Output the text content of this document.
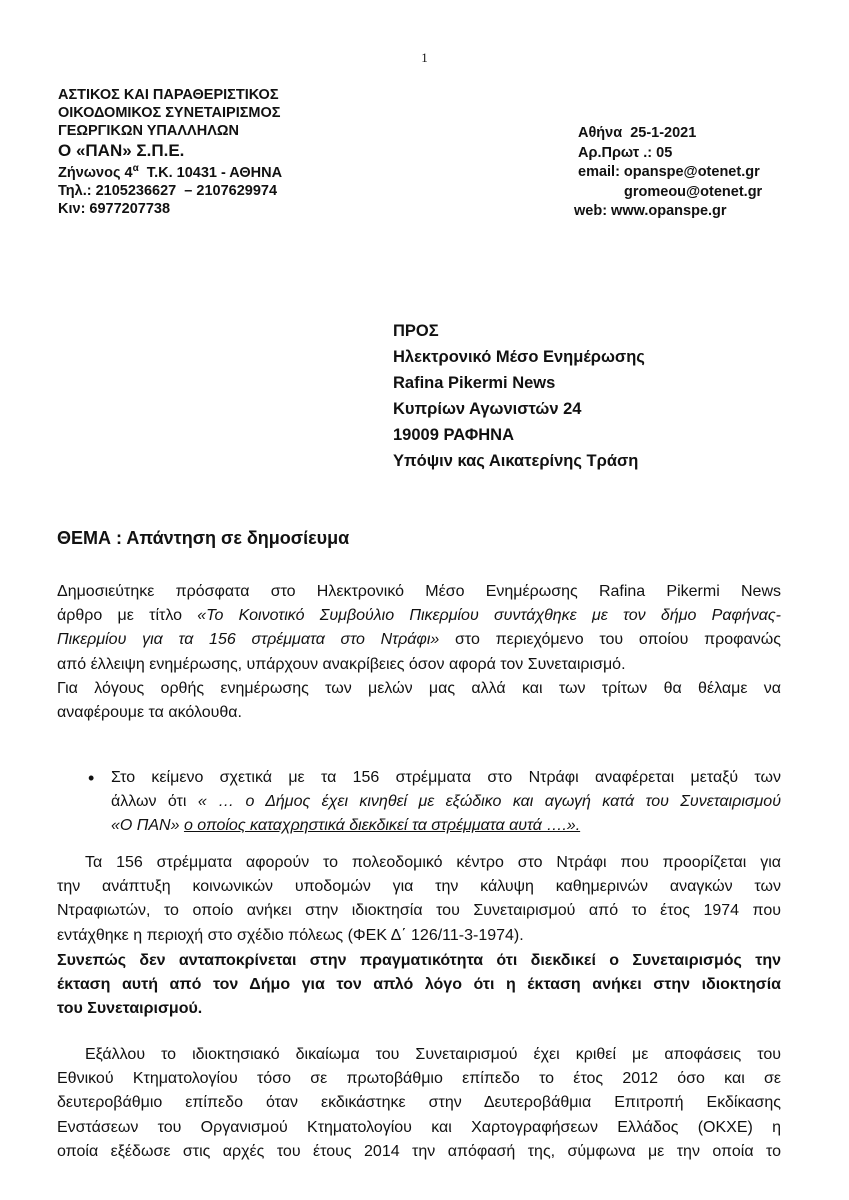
1
ΑΣΤΙΚΟΣ ΚΑΙ ΠΑΡΑΘΕΡΙΣΤΙΚΟΣ
ΟΙΚΟΔΟΜΙΚΟΣ ΣΥΝΕΤΑΙΡΙΣΜΟΣ
ΓΕΩΡΓΙΚΩΝ ΥΠΑΛΛΗΛΩΝ
Ο «ΠΑΝ» Σ.Π.Ε.
Ζήνωνος $4^\alpha$  Τ.Κ. 10431 - ΑΘΗΝΑ
Τηλ.: 2105236627  – 2107629974
Κιν: 6977207738
Αθήνα  25-1-2021
Αρ.Πρωτ .: 05
email: opanspe@otenet.gr
gromeou@otenet.gr
web: www.opanspe.gr
ΠΡΟΣ
Ηλεκτρονικό Μέσο Ενημέρωσης
Rafina Pikermi News
Κυπρίων Αγωνιστών 24
19009 ΡΑΦΗΝΑ
Υπόψιν κας Αικατερίνης Τράση
ΘΕΜΑ : Απάντηση σε δημοσίευμα
Δημοσιεύτηκε πρόσφατα στο Ηλεκτρονικό Μέσο Ενημέρωσης Rafina Pikermi News
άρθρο με τίτλο «Το Κοινοτικό Συμβούλιο Πικερμίου συντάχθηκε με τον δήμο Ραφήνας-
Πικερμίου για τα 156 στρέμματα στο Ντράφι» στο περιεχόμενο του οποίου προφανώς
από έλλειψη ενημέρωσης, υπάρχουν ανακρίβειες όσον αφορά τον Συνεταιρισμό.
Για λόγους ορθής ενημέρωσης των μελών μας αλλά και των τρίτων θα θέλαμε να
αναφέρουμε τα ακόλουθα.
• Στο κείμενο σχετικά με τα 156 στρέμματα στο Ντράφι αναφέρεται μεταξύ των
άλλων ότι « … ο Δήμος έχει κινηθεί με εξώδικο και αγωγή κατά του Συνεταιρισμού
«Ο ΠΑΝ» ο οποίος καταχρηστικά διεκδικεί τα στρέμματα αυτά ….».
Τα 156 στρέμματα αφορούν το πολεοδομικό κέντρο στο Ντράφι που προορίζεται για
την ανάπτυξη κοινωνικών υποδομών για την κάλυψη καθημερινών αναγκών των
Ντραφιωτών, το οποίο ανήκει στην ιδιοκτησία του Συνεταιρισμού από το έτος 1974 που
εντάχθηκε η περιοχή στο σχέδιο πόλεως (ΦΕΚ Δ΄ 126/11-3-1974).
Συνεπώς δεν ανταποκρίνεται στην πραγματικότητα ότι διεκδικεί ο Συνεταιρισμός την
έκταση αυτή από τον Δήμο για τον απλό λόγο ότι η έκταση ανήκει στην ιδιοκτησία
του Συνεταιρισμού.
Εξάλλου το ιδιοκτησιακό δικαίωμα του Συνεταιρισμού έχει κριθεί με αποφάσεις του
Εθνικού Κτηματολογίου τόσο σε πρωτοβάθμιο επίπεδο το έτος 2012 όσο και σε
δευτεροβάθμιο επίπεδο όταν εκδικάστηκε στην Δευτεροβάθμια Επιτροπή Εκδίκασης
Ενστάσεων του Οργανισμού Κτηματολογίου και Χαρτογραφήσεων Ελλάδος (ΟΚΧΕ) η
οποία εξέδωσε στις αρχές του έτους 2014 την απόφασή της, σύμφωνα με την οποία το
